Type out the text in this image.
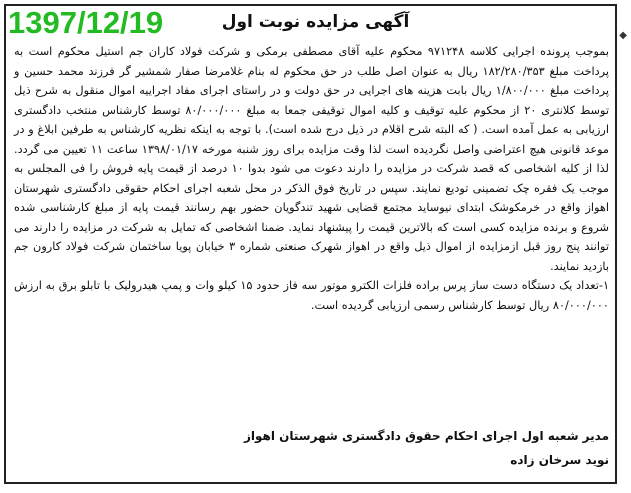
1397/12/19	آگهی مزایده نوبت اول
◆

بموجب پرونده اجرایی کلاسه ۹۷۱۲۴۸ محکوم علیه آقای مصطفی برمکی و شرکت فولاد کاران جم استیل محکوم است به پرداخت مبلغ ۱۸۲/۲۸۰/۳۵۳ ریال به عنوان اصل طلب در حق محکوم له بنام غلامرضا صفار شمشیر گر فرزند محمد حسین و پرداخت مبلغ ۱/۸۰۰/۰۰۰ ریال بابت هزینه های اجرایی در حق دولت و در راستای اجرای مفاد اجراییه اموال منقول به شرح ذیل توسط کلانتری ۲۰ از محکوم علیه توقیف و کلیه اموال توقیفی جمعا به مبلغ ۸۰/۰۰۰/۰۰۰ توسط کارشناس منتخب دادگستری ارزیابی به عمل آمده است. ( که البته شرح اقلام در ذیل درج شده است). با توجه به اینکه نظریه کارشناس به طرفین ابلاغ و در موعد قانونی هیچ اعتراضی واصل نگردیده است لذا وقت مزایده برای روز شنبه مورخه ۱۳۹۸/۰۱/۱۷ ساعت ۱۱ تعیین می گردد. لذا از کلیه اشخاصی که قصد شرکت در مزایده را دارند دعوت می شود بدوا ۱۰ درصد از قیمت پایه فروش را فی المجلس به موجب یک فقره چک تضمینی تودیع نمایند. سپس در تاریخ فوق الذکر در محل شعبه اجرای احکام حقوقی دادگستری شهرستان اهواز واقع در خرمکوشک ابتدای نیوساید مجتمع قضایی شهید تندگویان حضور بهم رسانند قیمت پایه از مبلغ کارشناسی شده شروع و برنده مزایده کسی است که بالاترین قیمت را پیشنهاد نماید. ضمنا اشخاصی که تمایل به شرکت در مزایده را دارند می توانند پنج روز قبل ازمزایده از اموال ذیل واقع در اهواز شهرک صنعتی شماره ۳ خیابان پویا ساختمان شرکت فولاد کارون جم بازدید نمایند.

۱-تعداد یک دستگاه دست ساز پرس براده فلزات الکترو موتور سه فاز حدود ۱۵ کیلو وات و پمپ هیدرولیک با تابلو برق به ارزش ۸۰/۰۰۰/۰۰۰ ریال توسط کارشناس رسمی ارزیابی گردیده است.

مدیر شعبه اول اجرای احکام حقوق دادگستری شهرستان اهواز
نوید سرخان زاده
